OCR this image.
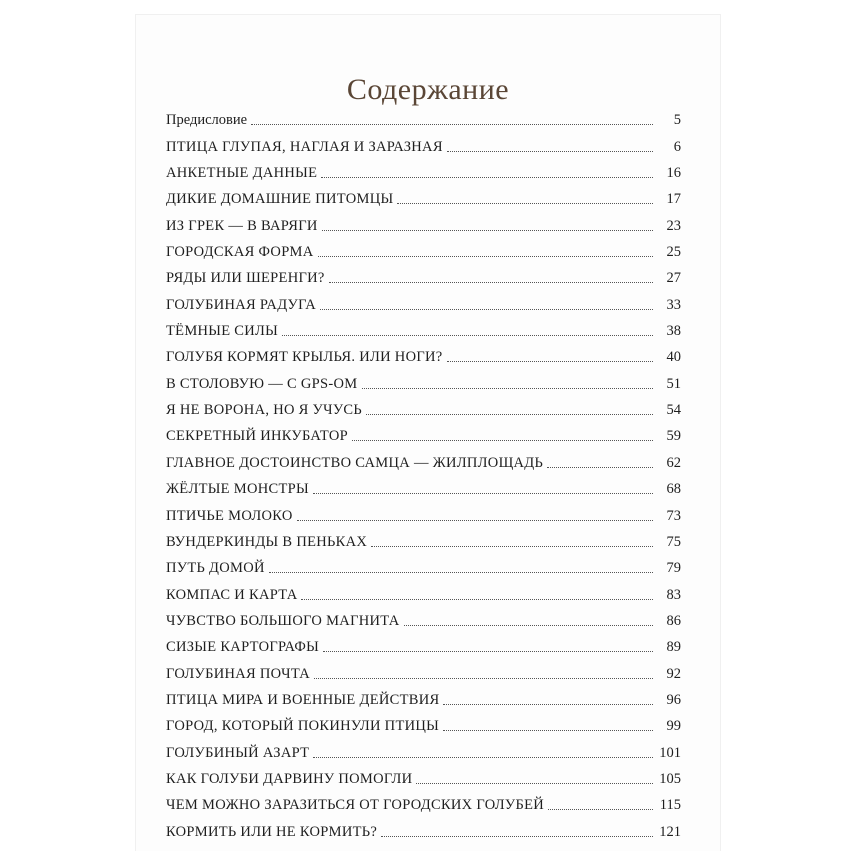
Содержание
Предисловие	5
ПТИЦА ГЛУПАЯ, НАГЛАЯ И ЗАРАЗНАЯ	6
АНКЕТНЫЕ ДАННЫЕ	16
ДИКИЕ ДОМАШНИЕ ПИТОМЦЫ	17
ИЗ ГРЕК — В ВАРЯГИ	23
ГОРОДСКАЯ ФОРМА	25
РЯДЫ ИЛИ ШЕРЕНГИ?	27
ГОЛУБИНАЯ РАДУГА	33
ТЁМНЫЕ СИЛЫ	38
ГОЛУБЯ КОРМЯТ КРЫЛЬЯ. ИЛИ НОГИ?	40
В СТОЛОВУЮ — С GPS-ОМ	51
Я НЕ ВОРОНА, НО Я УЧУСЬ	54
СЕКРЕТНЫЙ ИНКУБАТОР	59
ГЛАВНОЕ ДОСТОИНСТВО САМЦА — ЖИЛПЛОЩАДЬ	62
ЖЁЛТЫЕ МОНСТРЫ	68
ПТИЧЬЕ МОЛОКО	73
ВУНДЕРКИНДЫ В ПЕНЬКАХ	75
ПУТЬ ДОМОЙ	79
КОМПАС И КАРТА	83
ЧУВСТВО БОЛЬШОГО МАГНИТА	86
СИЗЫЕ КАРТОГРАФЫ	89
ГОЛУБИНАЯ ПОЧТА	92
ПТИЦА МИРА И ВОЕННЫЕ ДЕЙСТВИЯ	96
ГОРОД, КОТОРЫЙ ПОКИНУЛИ ПТИЦЫ	99
ГОЛУБИНЫЙ АЗАРТ	101
КАК ГОЛУБИ ДАРВИНУ ПОМОГЛИ	105
ЧЕМ МОЖНО ЗАРАЗИТЬСЯ ОТ ГОРОДСКИХ ГОЛУБЕЙ	115
КОРМИТЬ ИЛИ НЕ КОРМИТЬ?	121
